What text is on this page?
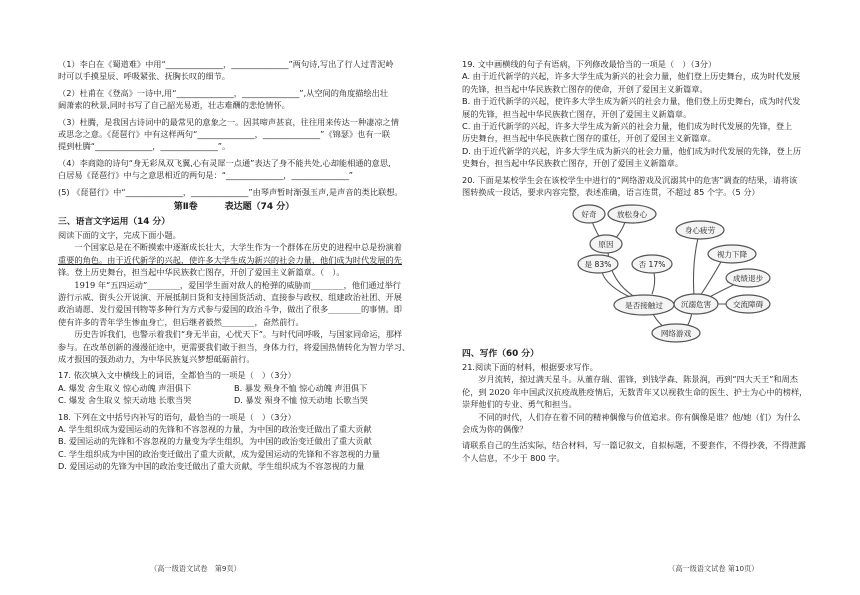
（1）李白在《蜀道难》中用“______________，______________”两句诗,写出了行人过青泥岭
时可以手摸星辰、呼吸紧张、抚胸长叹的细节。
（2）杜甫在《登高》一诗中,用“______________，______________”,从空间的角度描绘出壮
阔萧索的秋景,同时书写了自己韶光易逝，壮志难酬的悲怆情怀。
（3）杜腾，是我国古诗词中的最常见的意象之一。因其啼声甚哀，往往用来传达一种凄凉之情
或思念之意。《琵琶行》中有这样两句“______________，______________”《锦瑟》也有一联
提到杜腾“______________，______________”。
（4）李商隐的诗句“身无彩凤双飞翼,心有灵犀一点通”表达了身不能共处,心却能相通的意思,
白居易《琵琶行》中与之意思相近的两句是：“______________，______________”
(5) 《琵琶行》中“______________，______________”由琴声暂时渐强玉声,是声音的类比联想。
第Ⅱ卷　　　表达题（74 分）
三、语言文字运用（14 分）
阅读下面的文字，完成下面小题。
一个国家总是在不断摸索中逐渐成长壮大，大学生作为一个群体在历史的进程中总是扮演着
重要的角色。由于近代新学的兴起，使许多大学生成为新兴的社会力量，他们成为时代发展的先
锋。登上历史舞台，担当起中华民族救亡图存，开创了爱国主义新篇章。（　）。
1919 年“五四运动”________，爱国学生面对敌人的枪弹的威胁而________，他们通过举行
游行示威、街头公开说演、开展抵制日货和支持国货活动、直接参与政权、组建政治社团、开展
政治请愿、发行爱国刊物等多种行为方式参与爱国的政治斗争，做出了很多________的事情。即
使有许多的青年学生惨血身亡，但后继者毅然________，奋然前行。
历史告诉我们，也警示着我们“身无半亩，心忧天下”。与时代同呼吸，与国家同命运，那样
参与。在改革创新的漫漫征途中，更需要我们敢于担当，身体力行，将爱国热情转化为智力学习、
成才报国的强劲动力，为中华民族复兴梦想砥砺前行。
17. 依次填入文中横线上的词语，全都恰当的一项是（　）（3分）
A. 爆发 舍生取义 惊心动魄 声泪俱下	B. 暴发 殒身不恤 惊心动魄 声泪俱下
C. 爆发 舍生取义 惊天动地 长歌当哭	D. 暴发 殒身不恤 惊天动地 长歌当哭
18. 下列在文中括号内补写的语句，最恰当的一项是（　）（3分）
A. 学生组织成为爱国运动的先锋和不容忽视的力量，为中国的政治变迁做出了重大贡献
B. 爱国运动的先锋和不容忽视的力量变为学生组织，为中国的政治变迁做出了重大贡献
C. 学生组织成为中国的政治变迁做出了重大贡献，成为爱国运动的先锋和不容忽视的力量
D. 爱国运动的先锋为中国的政治变迁做出了重大贡献，学生组织成为不容忽视的力量
（高一级语文试卷　第9页）
19. 文中画横线的句子有语病，下列修改最恰当的一项是（　）（3分）
A. 由于近代新学的兴起，许多大学生成为新兴的社会力量，他们登上历史舞台，成为时代发展
的先锋，担当起中华民族救亡图存的使命，开创了爱国主义新篇章。
B. 由于近代新学的兴起，使许多大学生成为新兴的社会力量，他们登上历史舞台，成为时代发
展的先锋，担当起中华民族救亡图存，开创了爱国主义新篇章。
C. 由于近代新学的兴起，许多大学生成为新兴的社会力量，他们成为时代发展的先锋，登上
历史舞台，担当起中华民族救亡图存的重任，开创了爱国主义新篇章。
D. 由于近代新学的兴起，许多大学生成为新兴的社会力量，他们成为时代发展的先锋，登上历
史舞台，担当起中华民族救亡图存，开创了爱国主义新篇章。
20. 下面是某校学生会在该校学生中进行的“网络游戏及沉溺其中的危害”调查的结果，请将该
图转换成一段话，要求内容完整，表述准确，语言连贯，不超过 85 个字。（5 分）
好奇	放松身心
原因
是 83%	否 17%
是否接触过
身心疲劳
视力下降
成绩退步
沉溺危害	交流障碍
网络游戏
四、写作（60 分）
21.阅读下面的材料，根据要求写作。
岁月流转，掠过满天星斗。从董存瑞、雷锋，到钱学森、陈景润，再到“四大天王”和周杰
伦，到 2020 年中国武汉抗疫战胜疫情后，无数青年又以视救生命的医生、护士为心中的榜样，
崇拜他们的专业、勇气和担当。
不同的时代，人们存在着不同的精神偶像与价值追求。你有偶像是谁？他/她（们）为什么
会成为你的偶像？
请联系自己的生活实际，结合材料，写一篇记叙文，自拟标题，不要套作，不得抄袭，不得泄露
个人信息，不少于 800 字。
（高一级语文试卷 第10页）
